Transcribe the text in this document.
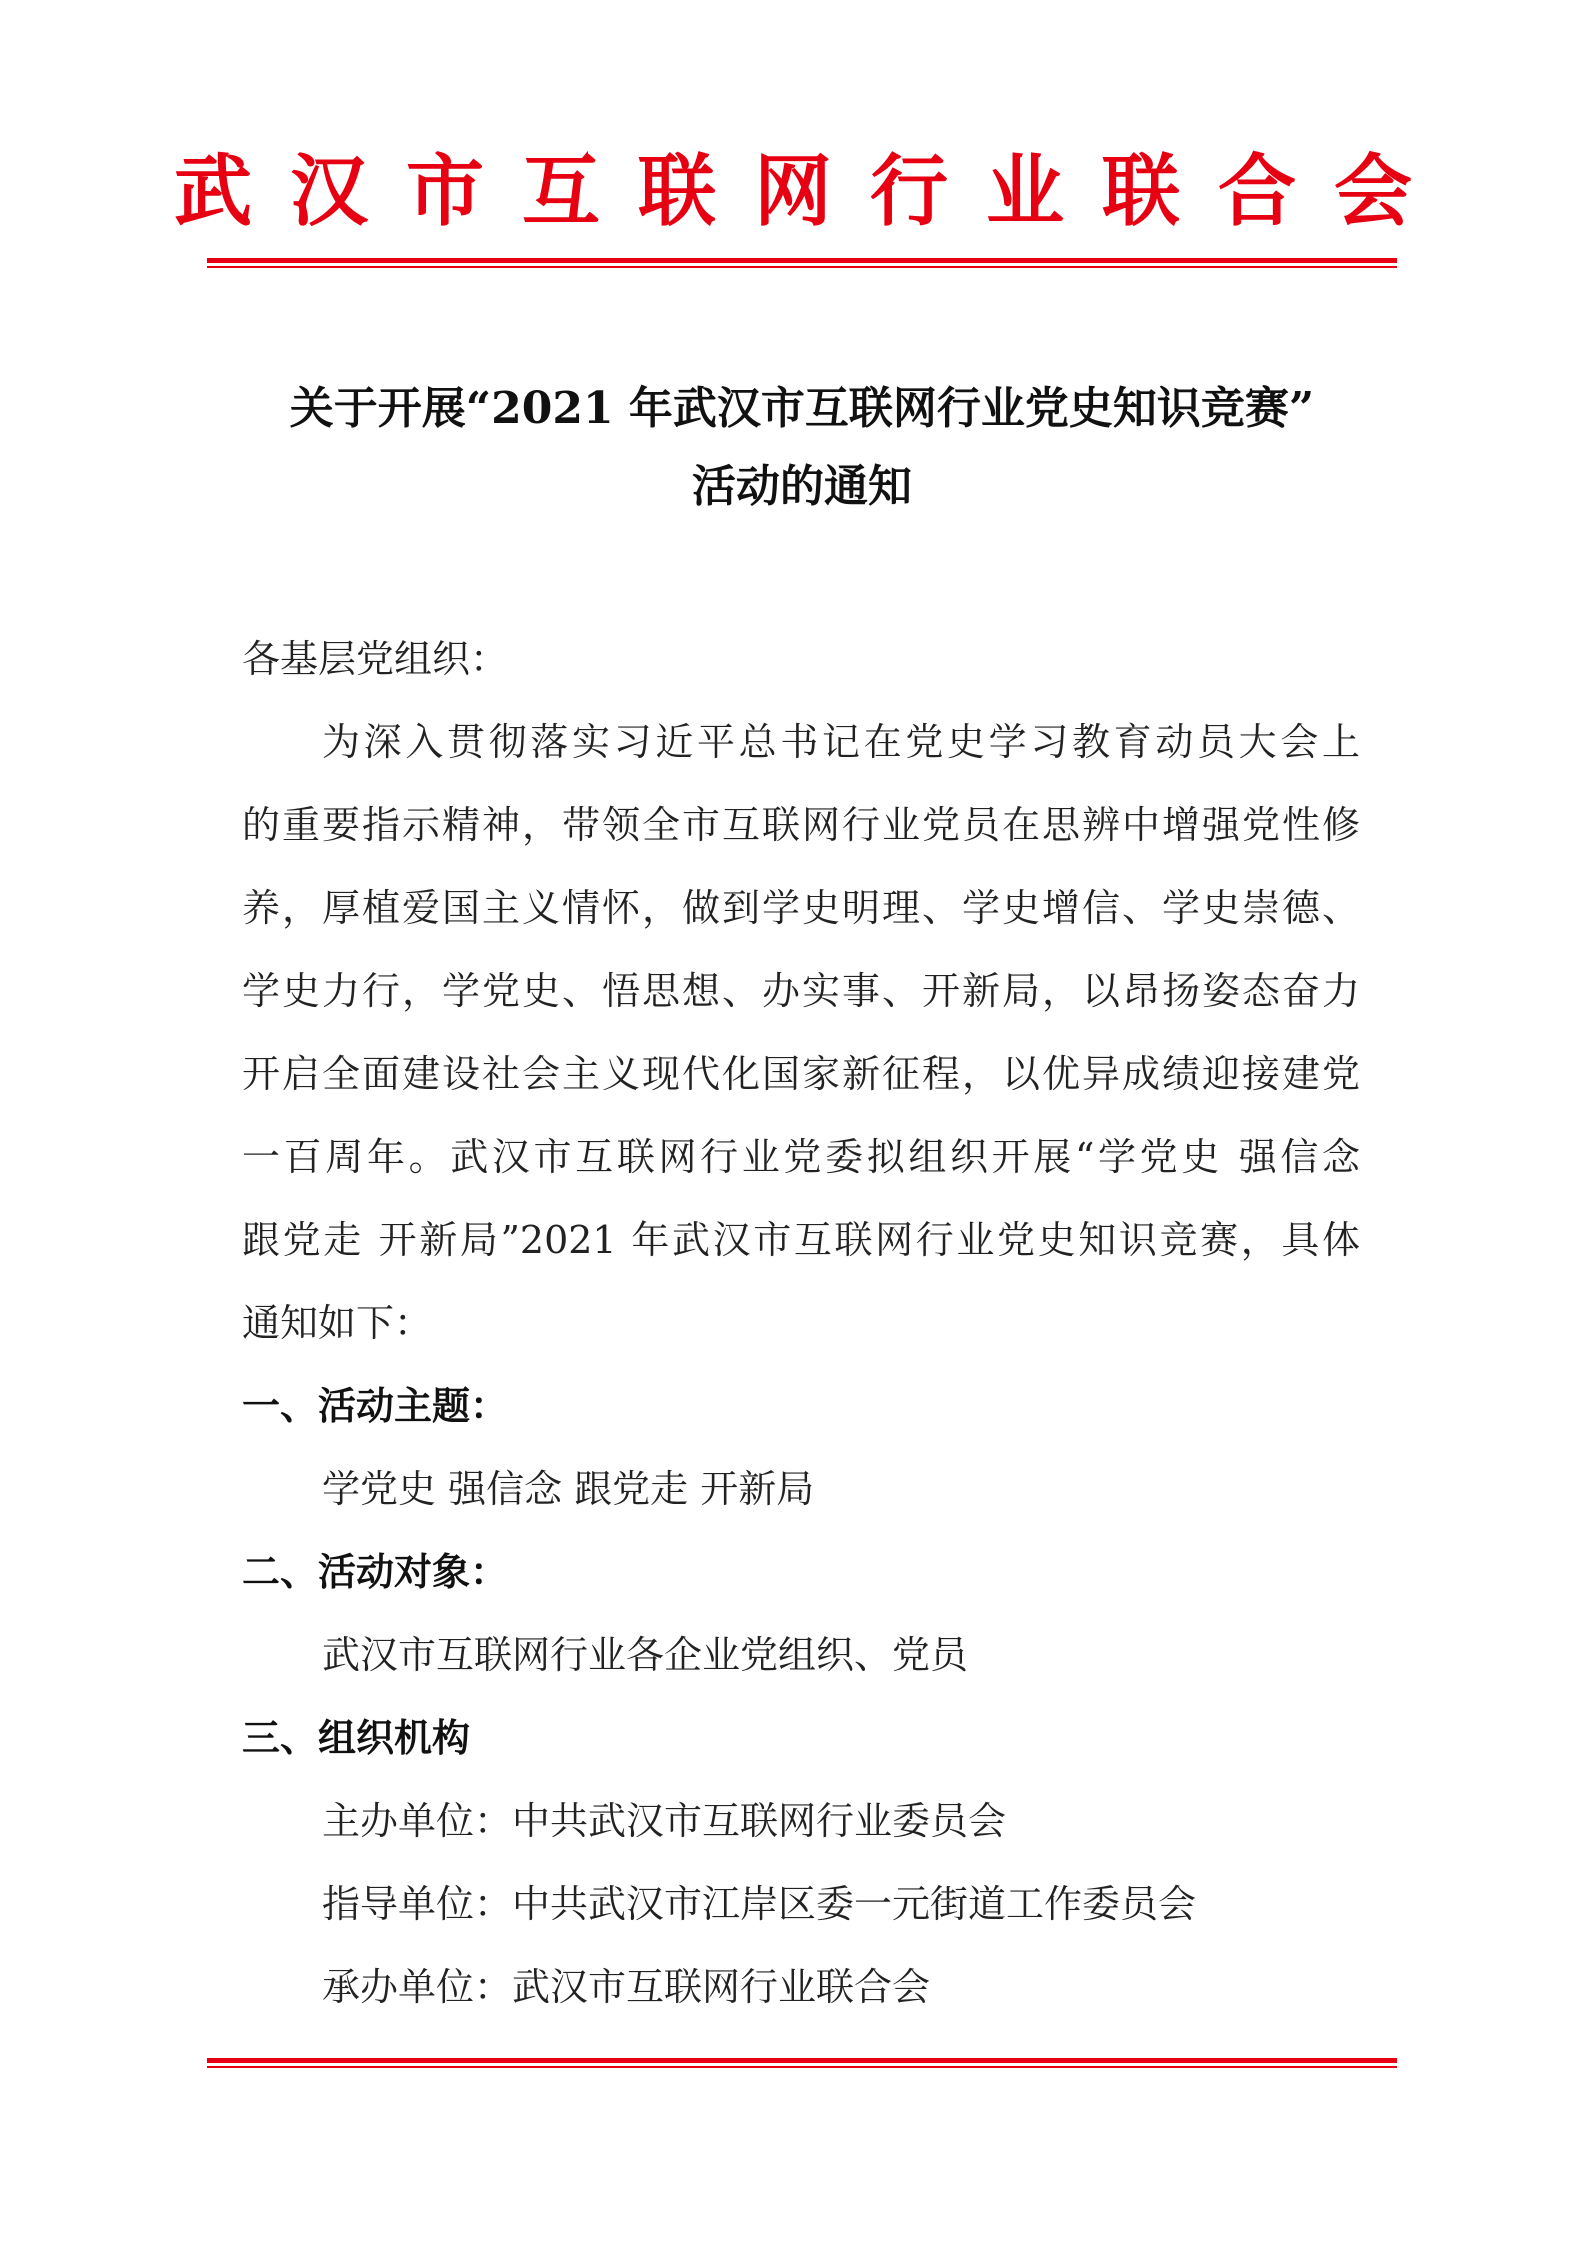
武汉市互联网行业联合会
关于开展“2021 年武汉市互联网行业党史知识竞赛”
活动的通知
各基层党组织：
为深入贯彻落实习近平总书记在党史学习教育动员大会上
的重要指示精神，带领全市互联网行业党员在思辨中增强党性修
养，厚植爱国主义情怀，做到学史明理、学史增信、学史崇德、
学史力行，学党史、悟思想、办实事、开新局，以昂扬姿态奋力
开启全面建设社会主义现代化国家新征程，以优异成绩迎接建党
一百周年。武汉市互联网行业党委拟组织开展“学党史 强信念
跟党走 开新局”2021 年武汉市互联网行业党史知识竞赛，具体
通知如下：
一、活动主题：
学党史 强信念 跟党走 开新局
二、活动对象：
武汉市互联网行业各企业党组织、党员
三、组织机构
主办单位：中共武汉市互联网行业委员会
指导单位：中共武汉市江岸区委一元街道工作委员会
承办单位：武汉市互联网行业联合会
